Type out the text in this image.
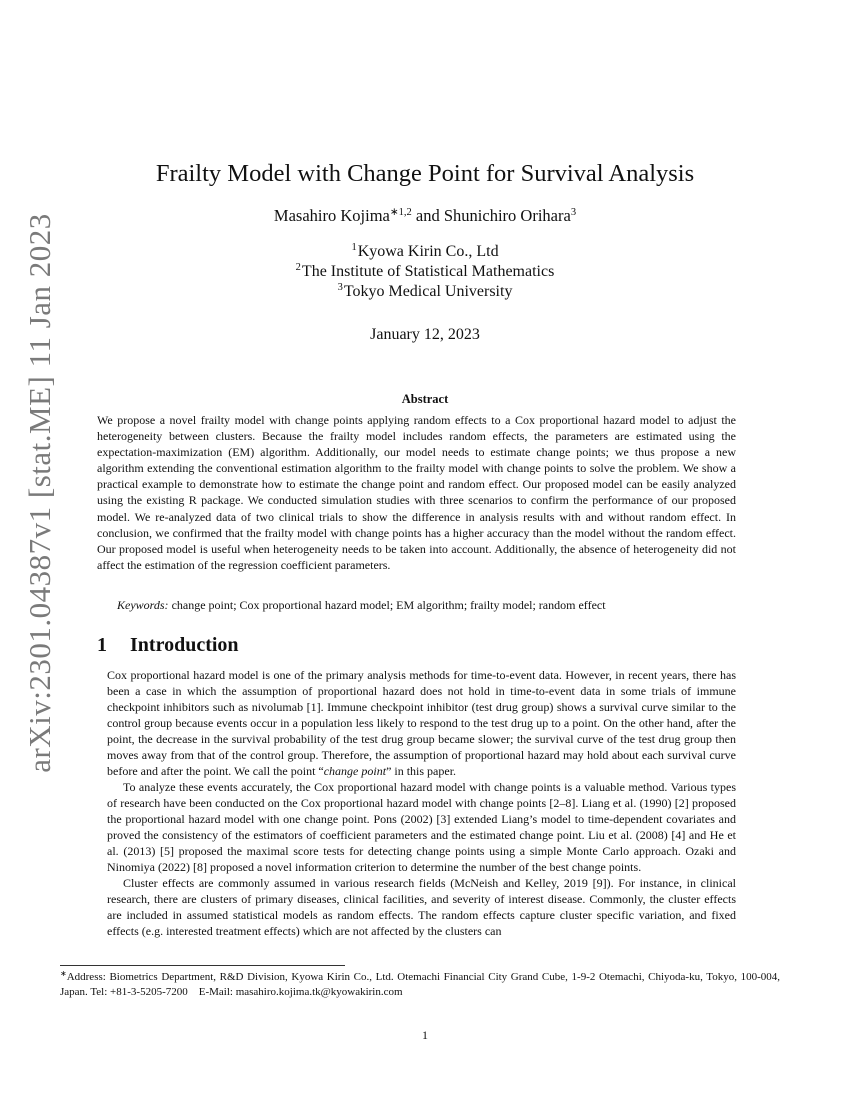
arXiv:2301.04387v1 [stat.ME] 11 Jan 2023
Frailty Model with Change Point for Survival Analysis
Masahiro Kojima$^{∗1,2}$ and Shunichiro Orihara$^3$
$^1$Kyowa Kirin Co., Ltd
$^2$The Institute of Statistical Mathematics
$^3$Tokyo Medical University
January 12, 2023
Abstract
We propose a novel frailty model with change points applying random effects to a Cox proportional hazard model to adjust the heterogeneity between clusters. Because the frailty model includes random effects, the parameters are estimated using the expectation-maximization (EM) algorithm. Additionally, our model needs to estimate change points; we thus propose a new algorithm extending the conventional estimation algorithm to the frailty model with change points to solve the problem. We show a practical example to demonstrate how to estimate the change point and random effect. Our proposed model can be easily analyzed using the existing R package. We conducted simulation studies with three scenarios to confirm the performance of our proposed model. We re-analyzed data of two clinical trials to show the difference in analysis results with and without random effect. In conclusion, we confirmed that the frailty model with change points has a higher accuracy than the model without the random effect. Our proposed model is useful when heterogeneity needs to be taken into account. Additionally, the absence of heterogeneity did not affect the estimation of the regression coefficient parameters.
Keywords: change point; Cox proportional hazard model; EM algorithm; frailty model; random effect
1 Introduction

Cox proportional hazard model is one of the primary analysis methods for time-to-event data. However, in recent years, there has been a case in which the assumption of proportional hazard does not hold in time-to-event data in some trials of immune checkpoint inhibitors such as nivolumab [1]. Immune checkpoint inhibitor (test drug group) shows a survival curve similar to the control group because events occur in a population less likely to respond to the test drug up to a point. On the other hand, after the point, the decrease in the survival probability of the test drug group became slower; the survival curve of the test drug group then moves away from that of the control group. Therefore, the assumption of proportional hazard may hold about each survival curve before and after the point. We call the point “change point” in this paper.

To analyze these events accurately, the Cox proportional hazard model with change points is a valuable method. Various types of research have been conducted on the Cox proportional hazard model with change points [2–8]. Liang et al. (1990) [2] proposed the proportional hazard model with one change point. Pons (2002) [3] extended Liang’s model to time-dependent covariates and proved the consistency of the estimators of coefficient parameters and the estimated change point. Liu et al. (2008) [4] and He et al. (2013) [5] proposed the maximal score tests for detecting change points using a simple Monte Carlo approach. Ozaki and Ninomiya (2022) [8] proposed a novel information criterion to determine the number of the best change points.

Cluster effects are commonly assumed in various research fields (McNeish and Kelley, 2019 [9]). For instance, in clinical research, there are clusters of primary diseases, clinical facilities, and severity of interest disease. Commonly, the cluster effects are included in assumed statistical models as random effects. The random effects capture cluster specific variation, and fixed effects (e.g. interested treatment effects) which are not affected by the clusters can

∗Address: Biometrics Department, R&D Division, Kyowa Kirin Co., Ltd. Otemachi Financial City Grand Cube, 1-9-2 Otemachi, Chiyoda-ku, Tokyo, 100-004, Japan. Tel: +81-3-5205-7200    E-Mail: masahiro.kojima.tk@kyowakirin.com
1
